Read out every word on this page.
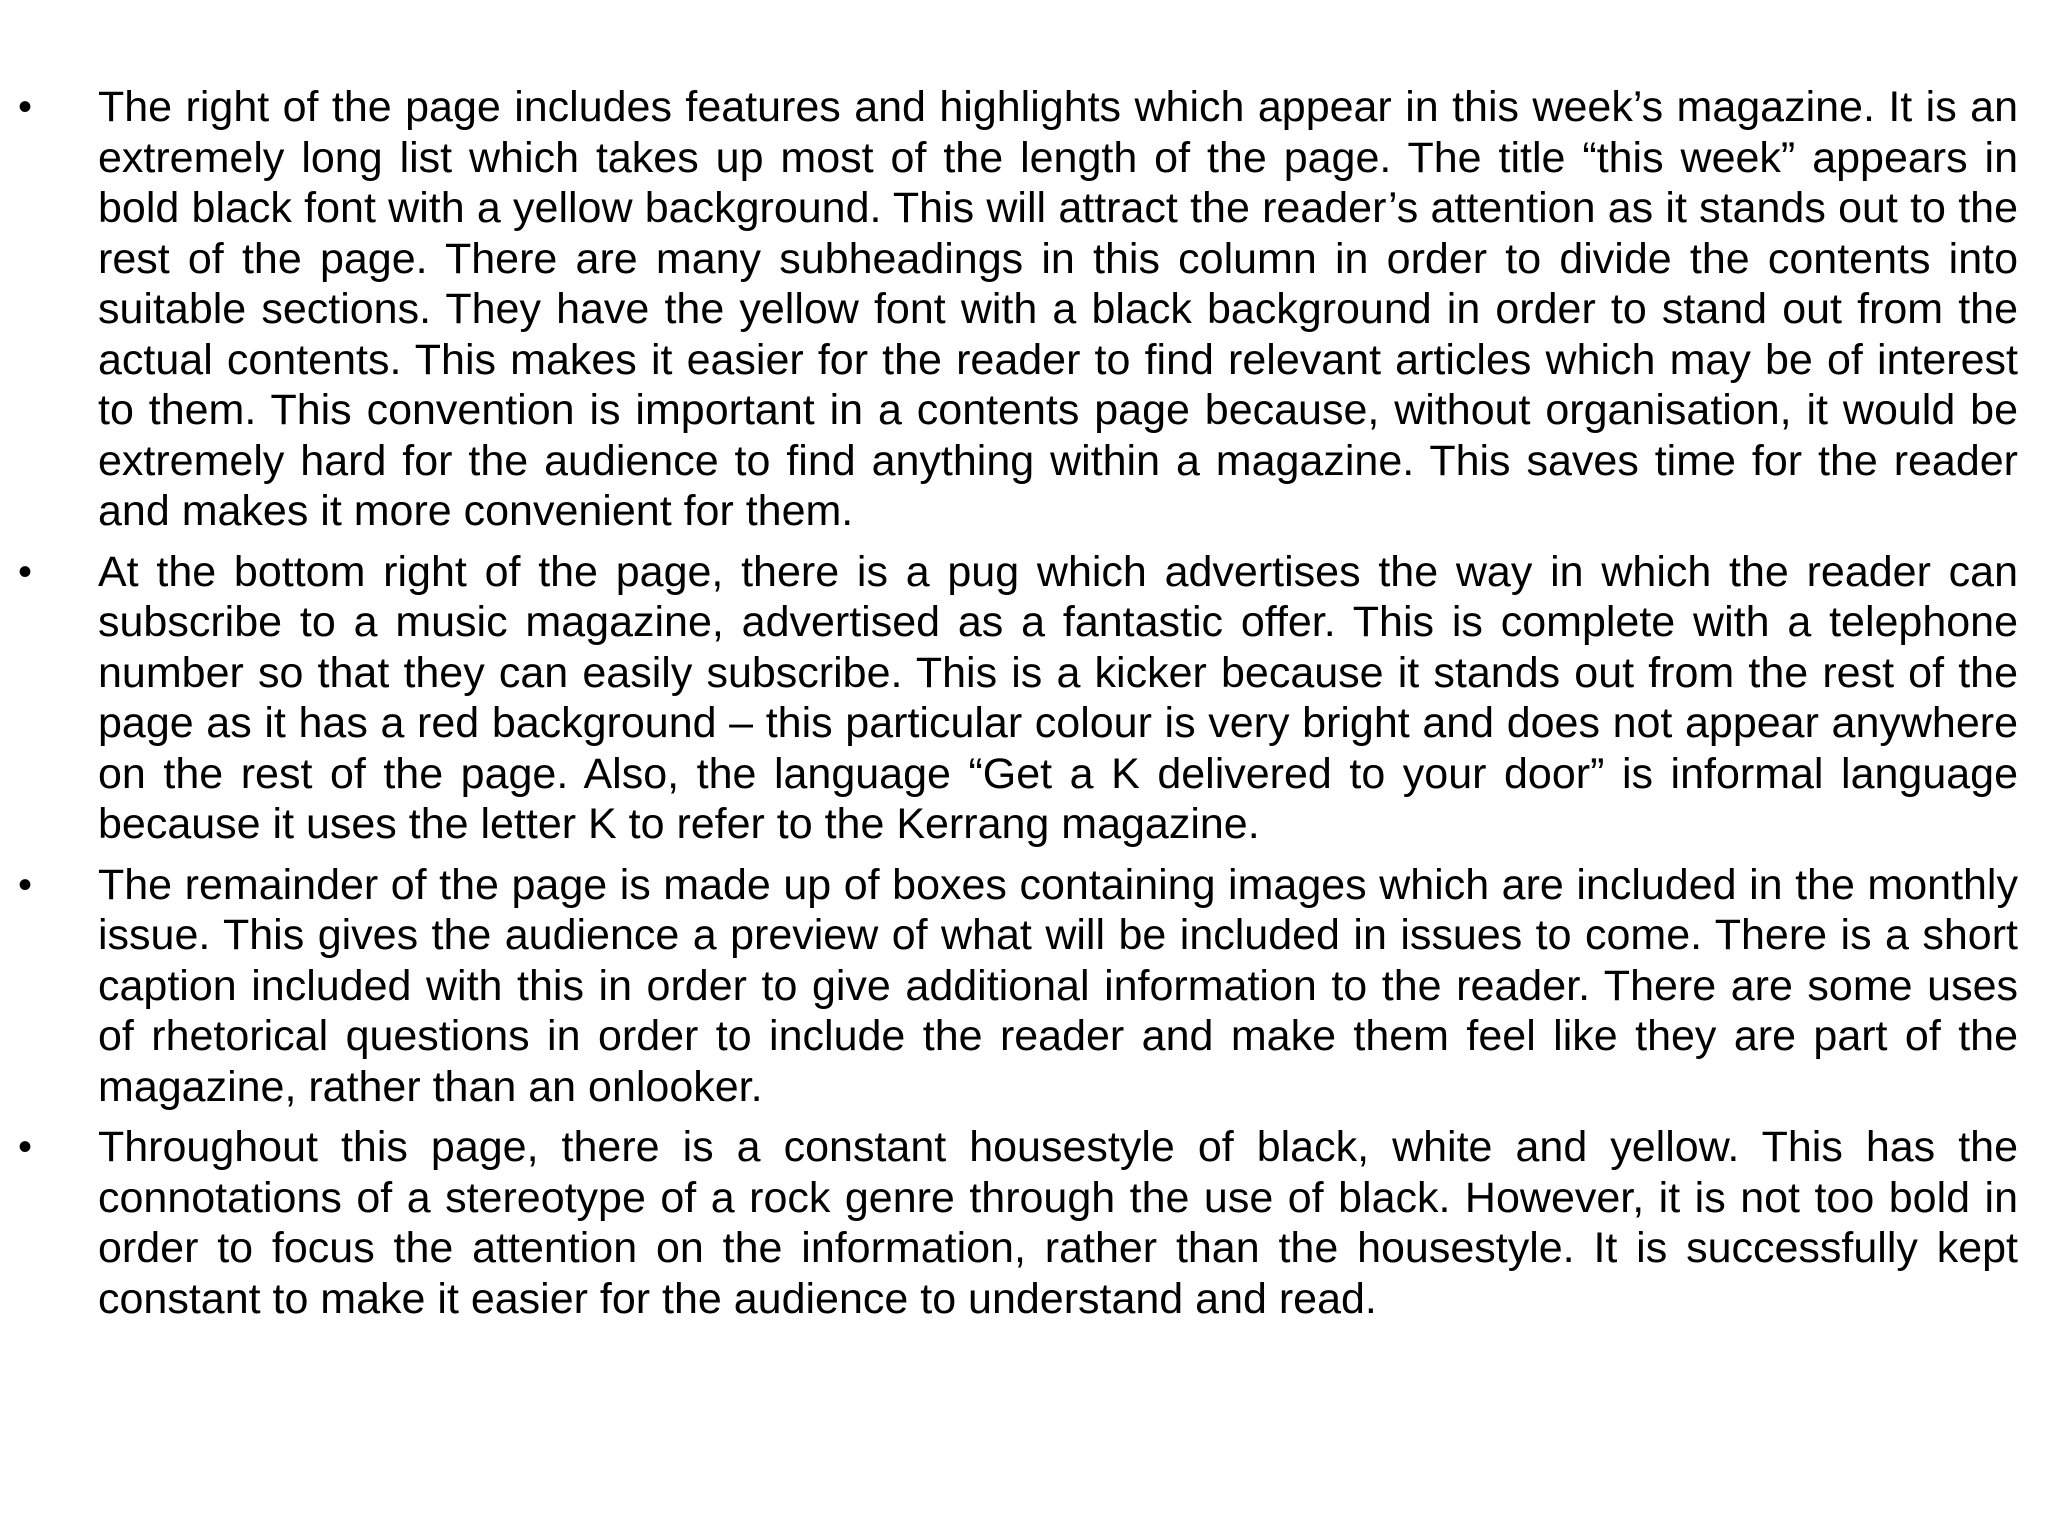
•	The right of the page includes features and highlights which appear in this week’s magazine. It is an extremely long list which takes up most of the length of the page. The title “this week” appears in bold black font with a yellow background. This will attract the reader’s attention as it stands out to the rest of the page. There are many subheadings in this column in order to divide the contents into suitable sections. They have the yellow font with a black background in order to stand out from the actual contents. This makes it easier for the reader to find relevant articles which may be of interest to them. This convention is important in a contents page because, without organisation, it would be extremely hard for the audience to find anything within a magazine. This saves time for the reader and makes it more convenient for them.
•	At the bottom right of the page, there is a pug which advertises the way in which the reader can subscribe to a music magazine, advertised as a fantastic offer. This is complete with a telephone number so that they can easily subscribe. This is a kicker because it stands out from the rest of the page as it has a red background – this particular colour is very bright and does not appear anywhere on the rest of the page. Also, the language “Get a K delivered to your door” is informal language because it uses the letter K to refer to the Kerrang magazine.
•	The remainder of the page is made up of boxes containing images which are included in the monthly issue. This gives the audience a preview of what will be included in issues to come. There is a short caption included with this in order to give additional information to the reader. There are some uses of rhetorical questions in order to include the reader and make them feel like they are part of the magazine, rather than an onlooker.
•	Throughout this page, there is a constant housestyle of black, white and yellow. This has the connotations of a stereotype of a rock genre through the use of black. However, it is not too bold in order to focus the attention on the information, rather than the housestyle. It is successfully kept constant to make it easier for the audience to understand and read.
